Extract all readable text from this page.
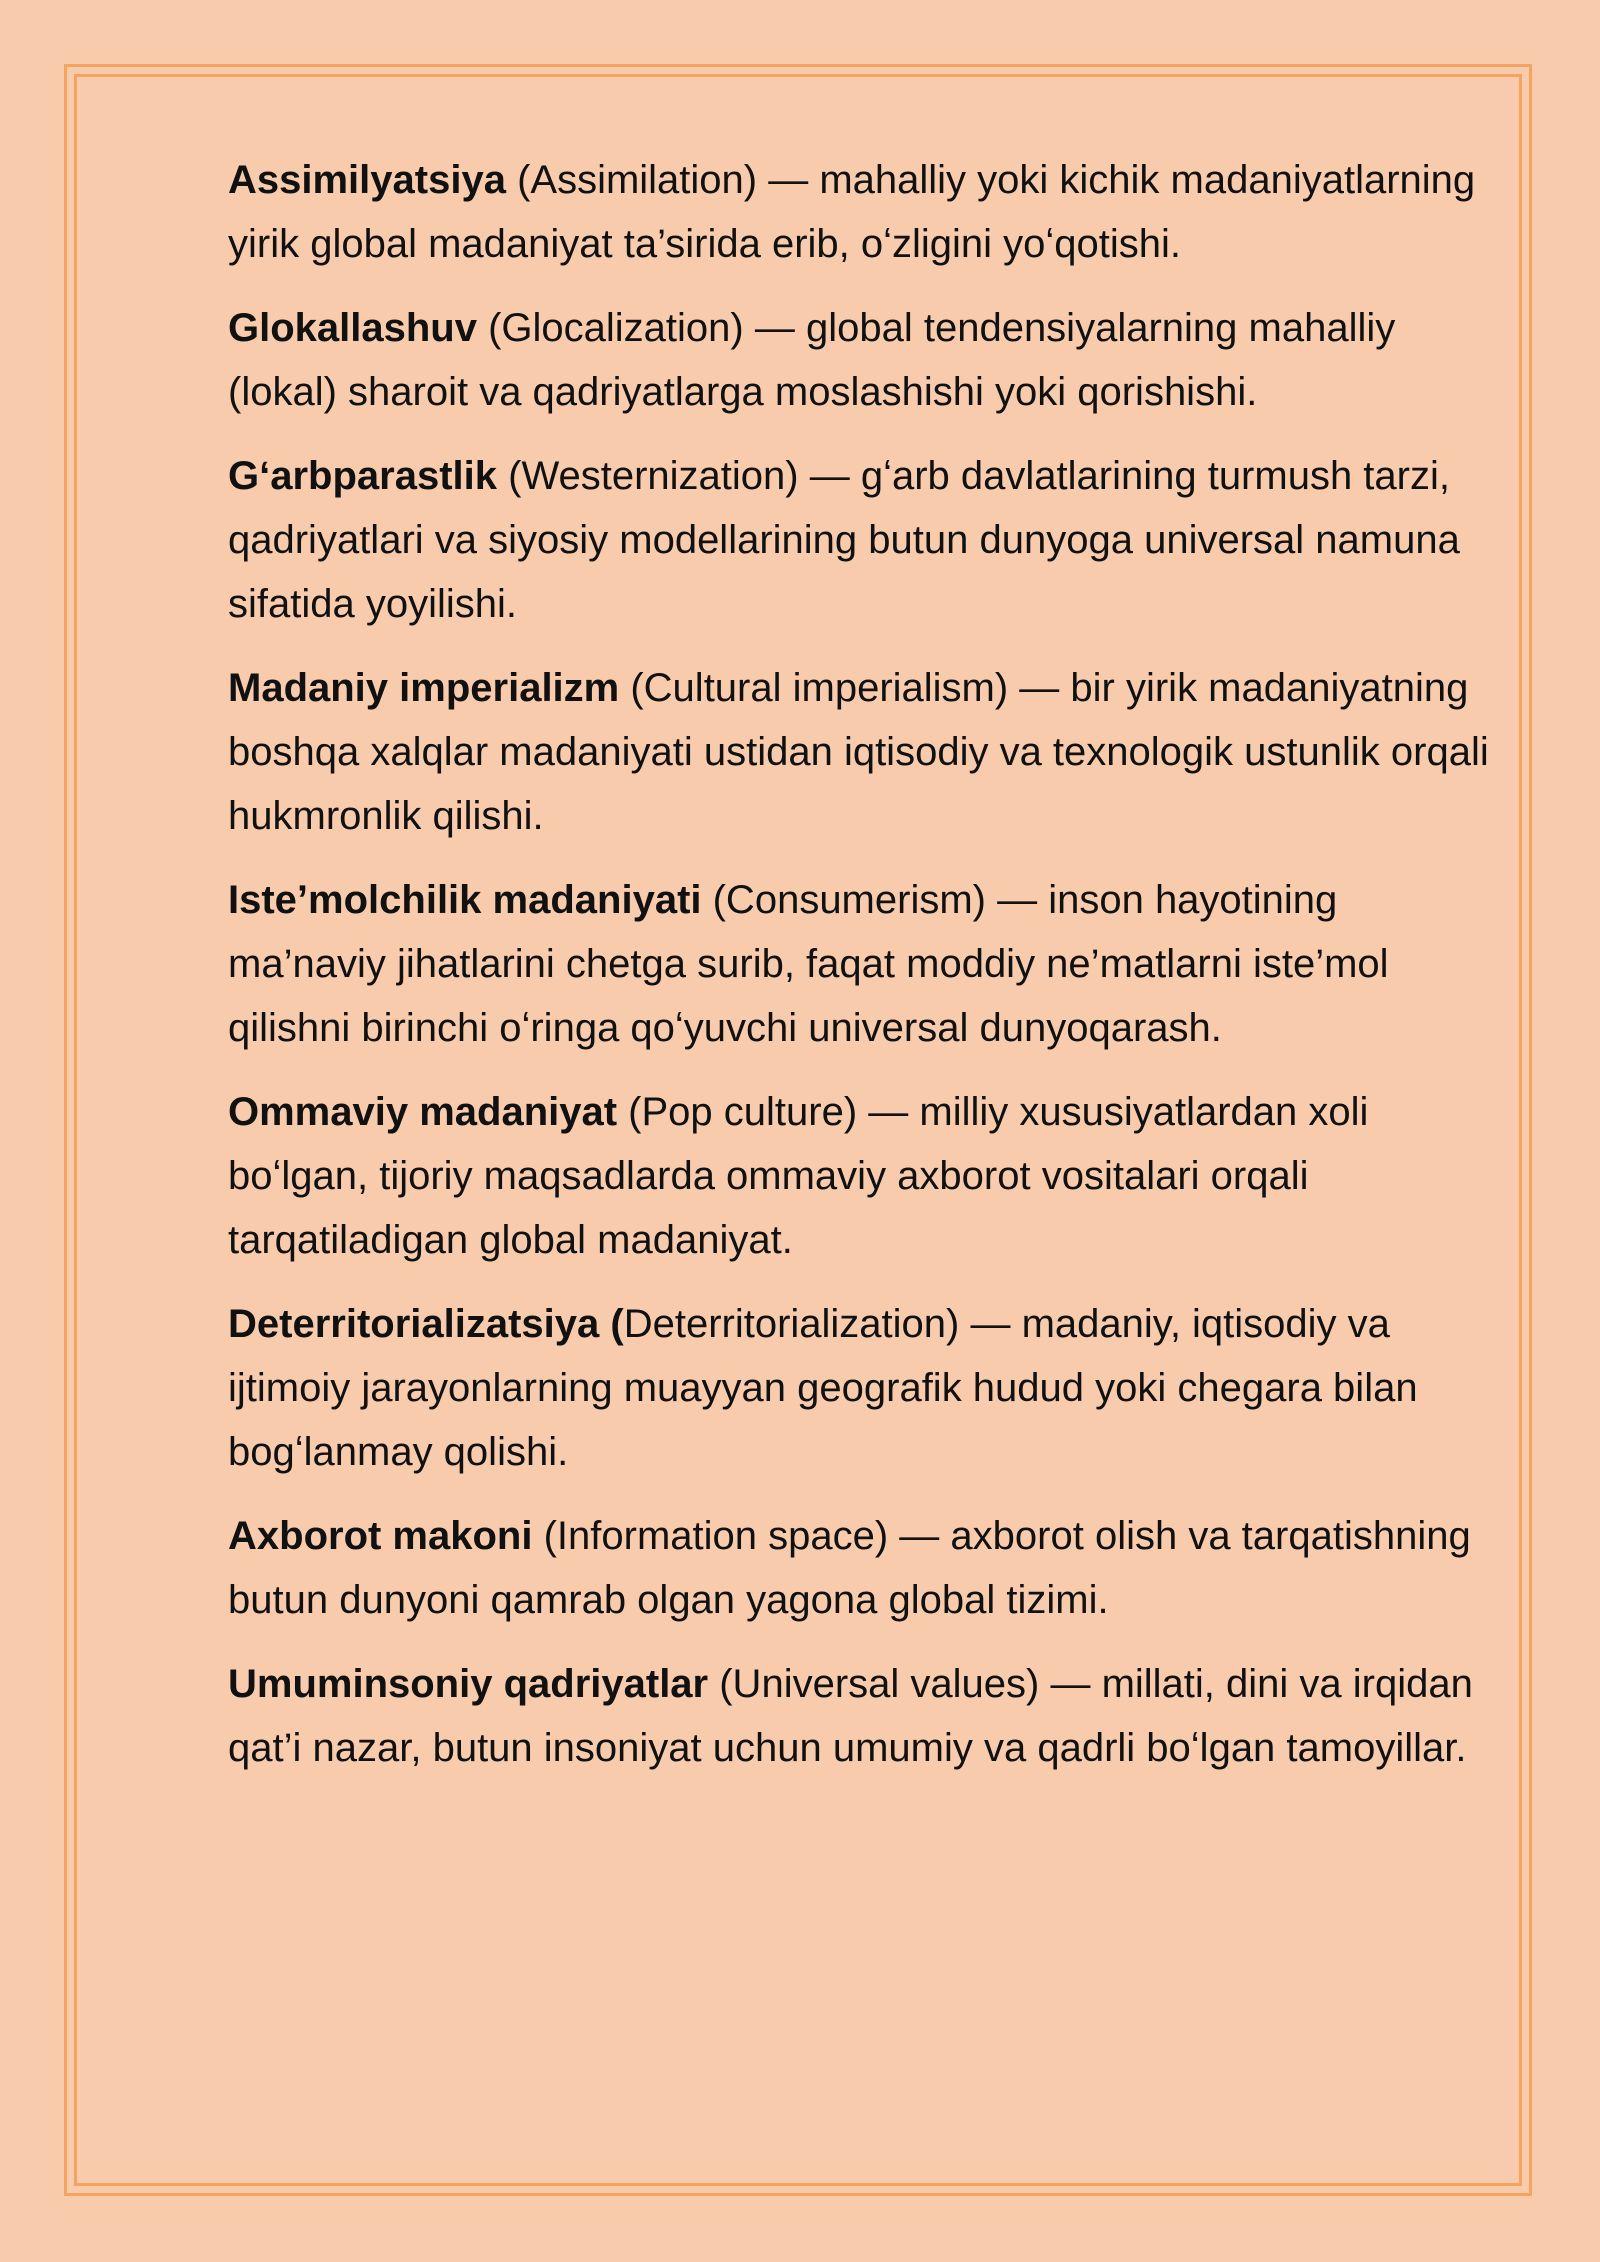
Assimilyatsiya (Assimilation) — mahalliy yoki kichik madaniyatlarning yirik global madaniyat ta’sirida erib, oʻzligini yoʻqotishi.

Glokallashuv (Glocalization) — global tendensiyalarning mahalliy (lokal) sharoit va qadriyatlarga moslashishi yoki qorishishi.

Gʻarbparastlik (Westernization) — gʻarb davlatlarining turmush tarzi, qadriyatlari va siyosiy modellarining butun dunyoga universal namuna sifatida yoyilishi.

Madaniy imperializm (Cultural imperialism) — bir yirik madaniyatning boshqa xalqlar madaniyati ustidan iqtisodiy va texnologik ustunlik orqali hukmronlik qilishi.

Iste’molchilik madaniyati (Consumerism) — inson hayotining ma’naviy jihatlarini chetga surib, faqat moddiy ne’matlarni iste’mol qilishni birinchi oʻringa qoʻyuvchi universal dunyoqarash.

Ommaviy madaniyat (Pop culture) — milliy xususiyatlardan xoli boʻlgan, tijoriy maqsadlarda ommaviy axborot vositalari orqali tarqatiladigan global madaniyat.

Deterritorializatsiya (Deterritorialization) — madaniy, iqtisodiy va ijtimoiy jarayonlarning muayyan geografik hudud yoki chegara bilan bogʻlanmay qolishi.

Axborot makoni (Information space) — axborot olish va tarqatishning butun dunyoni qamrab olgan yagona global tizimi.

Umuminsoniy qadriyatlar (Universal values) — millati, dini va irqidan qat’i nazar, butun insoniyat uchun umumiy va qadrli boʻlgan tamoyillar.
